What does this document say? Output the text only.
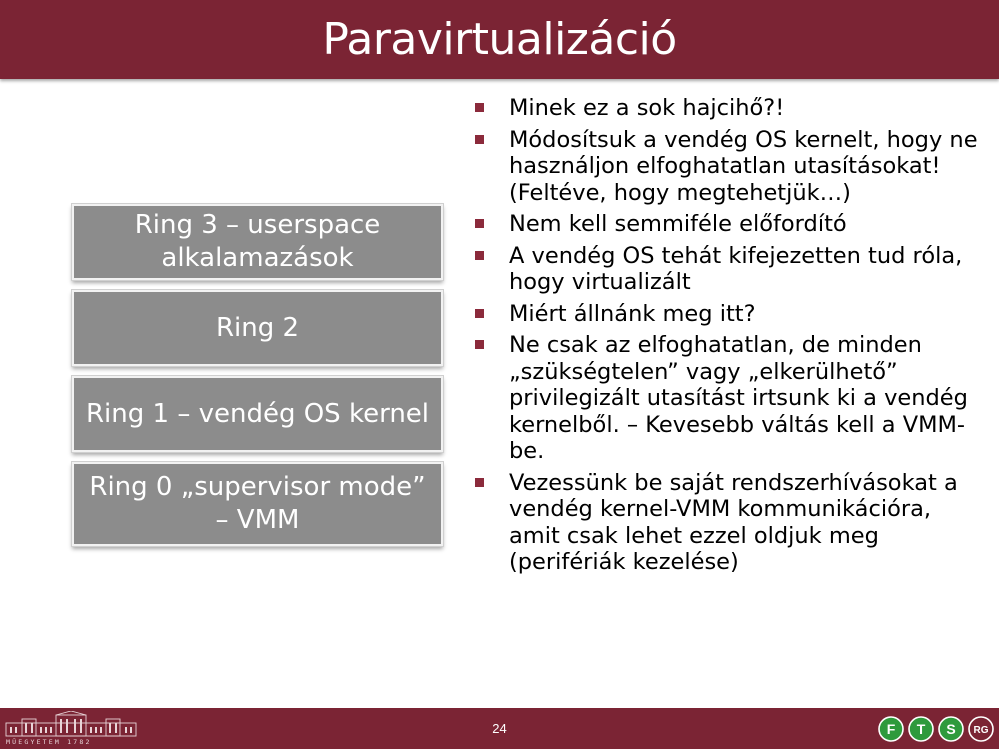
Paravirtualizáció
Ring 3 – userspace alkalamazások
Ring 2
Ring 1 – vendég OS kernel
Ring 0 „supervisor mode” – VMM
Minek ez a sok hajcihő?!
Módosítsuk a vendég OS kernelt, hogy ne használjon elfoghatatlan utasításokat! (Feltéve, hogy megtehetjük…)
Nem kell semmiféle előfordító
A vendég OS tehát kifejezetten tud róla, hogy virtualizált
Miért állnánk meg itt?
Ne csak az elfoghatatlan, de minden „szükségtelen” vagy „elkerülhető” privilegizált utasítást irtsunk ki a vendég kernelből. – Kevesebb váltás kell a VMM-be.
Vezessünk be saját rendszerhívásokat a vendég kernel-VMM kommunikációra, amit csak lehet ezzel oldjuk meg (perifériák kezelése)
MŰEGYETEM 1782
24	F T S RG
